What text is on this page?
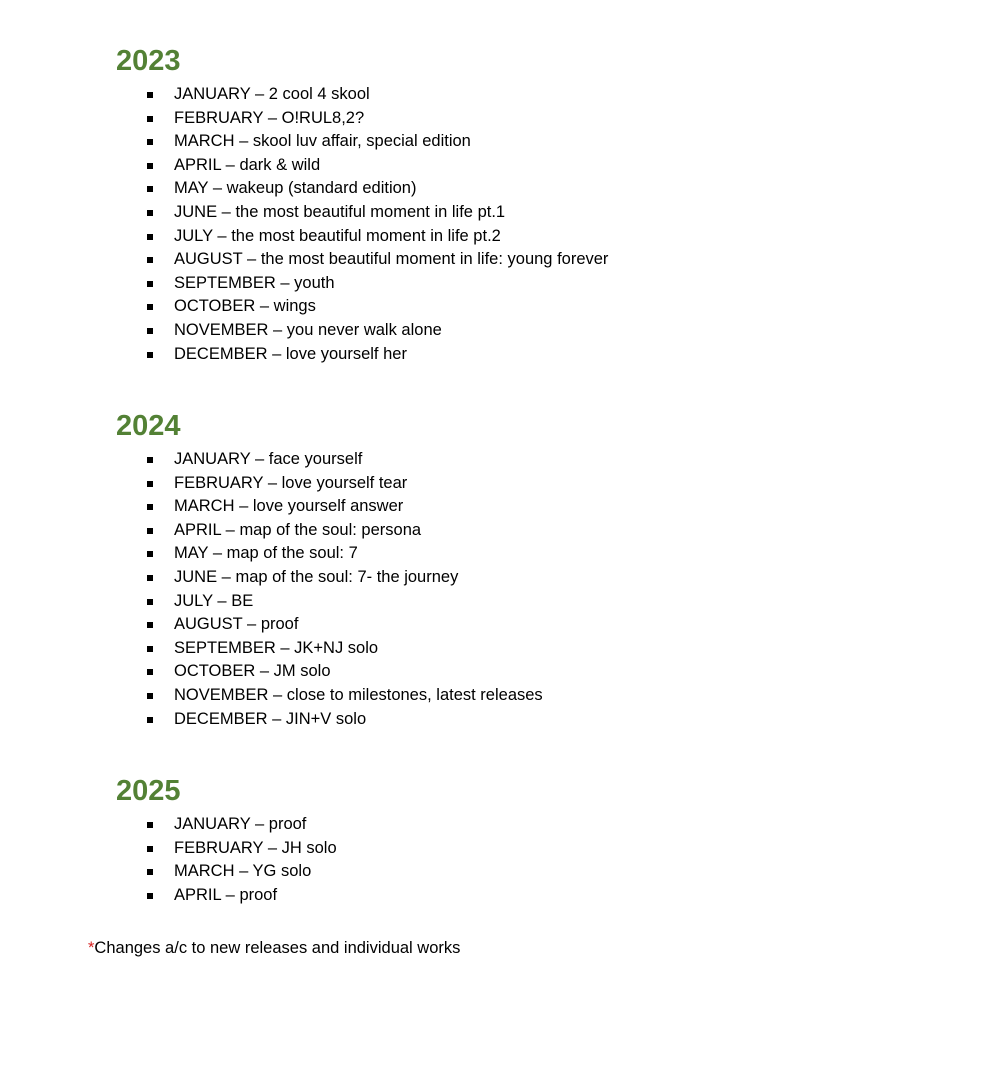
2023
JANUARY – 2 cool 4 skool
FEBRUARY – O!RUL8,2?
MARCH – skool luv affair, special edition
APRIL – dark & wild
MAY – wakeup (standard edition)
JUNE – the most beautiful moment in life pt.1
JULY – the most beautiful moment in life pt.2
AUGUST – the most beautiful moment in life: young forever
SEPTEMBER – youth
OCTOBER – wings
NOVEMBER – you never walk alone
DECEMBER – love yourself her
2024
JANUARY – face yourself
FEBRUARY – love yourself tear
MARCH – love yourself answer
APRIL – map of the soul: persona
MAY – map of the soul: 7
JUNE – map of the soul: 7- the journey
JULY – BE
AUGUST – proof
SEPTEMBER – JK+NJ solo
OCTOBER – JM solo
NOVEMBER – close to milestones, latest releases
DECEMBER – JIN+V solo
2025
JANUARY – proof
FEBRUARY – JH solo
MARCH – YG solo
APRIL – proof
*Changes a/c to new releases and individual works
